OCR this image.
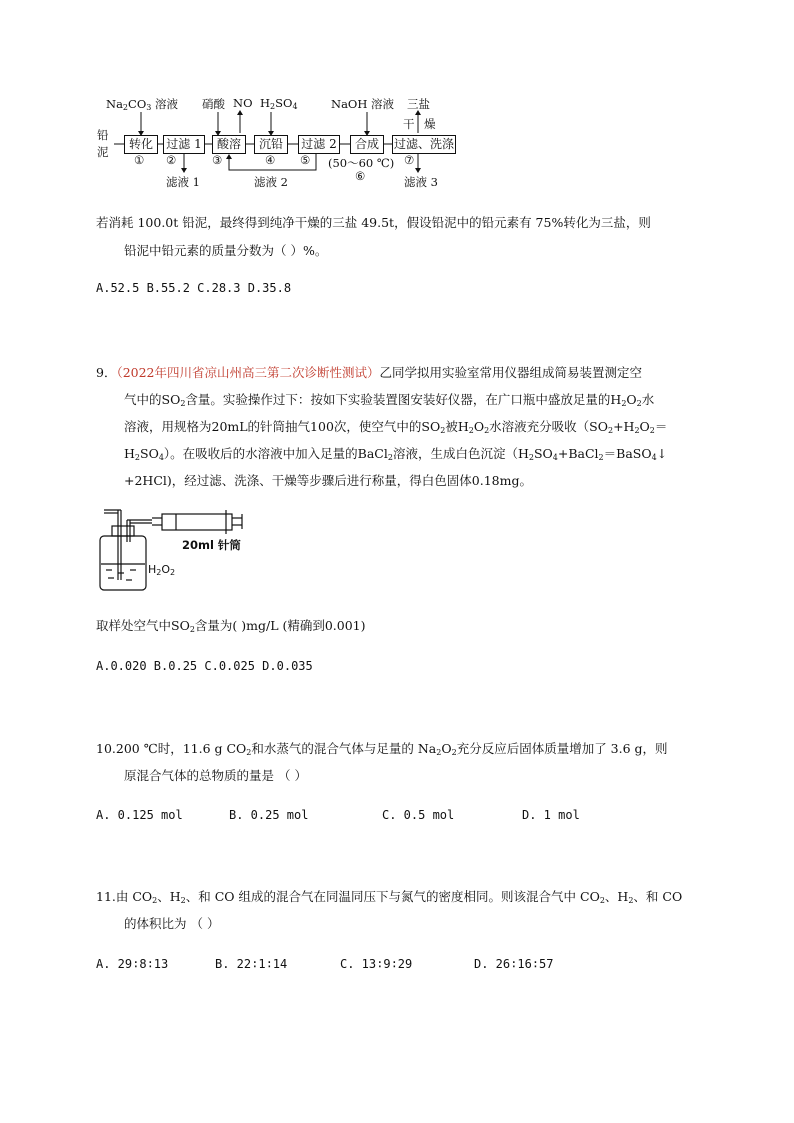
铅
泥
$Na_2CO_3$ 溶液 硝酸 NO $H_2SO_4$	NaOH 溶液 三盐
干 燥
转化	过滤 1	酸溶	沉铅	过滤 2	合成	过滤、洗涤
① ②	③	④ ⑤ (50～60 ℃)
⑥
⑦
滤液 1	滤液 2	滤液 3
若消耗 100.0t 铅泥，最终得到纯净干燥的三盐 49.5t，假设铅泥中的铅元素有 75%转化为三盐，则
铅泥中铅元素的质量分数为（ ）%。
A.52.5 B.55.2 C.28.3 D.35.8
9．（2022年四川省凉山州高三第二次诊断性测试）乙同学拟用实验室常用仪器组成简易装置测定空
气中的$SO_2$含量。实验操作过下：按如下实验装置图安装好仪器，在广口瓶中盛放足量的$H_2O_2$水
溶液，用规格为20mL的针筒抽气100次，使空气中的$SO_2$被$H_2O_2$水溶液充分吸收（$SO_2+H_2O_2=$
$H_2SO_4$）。在吸收后的水溶液中加入足量的BaCl$_2$溶液，生成白色沉淀（$H_2SO_4+BaCl_2=BaSO_4↓$
+2HCl)，经过滤、洗涤、干燥等步骤后进行称量，得白色固体0.18mg。
20ml 针筒
$H_2O_2$
取样处空气中$SO_2$含量为( )mg/L (精确到0.001)
A.0.020 B.0.25 C.0.025 D.0.035
10.200 ℃时，11.6 g $CO_2$和水蒸气的混合气体与足量的 $Na_2O_2$充分反应后固体质量增加了 3.6 g，则
原混合气体的总物质的量是 （ ）
A. 0.125 mol	B. 0.25 mol	C. 0.5 mol	D. 1 mol
11.由 $CO_2$、$H_2$、和 CO 组成的混合气在同温同压下与氮气的密度相同。则该混合气中 $CO_2$、$H_2$、和 CO
的体积比为 （ ）
A. 29∶8∶13	B. 22∶1∶14	C. 13∶9∶29	D. 26∶16∶57
